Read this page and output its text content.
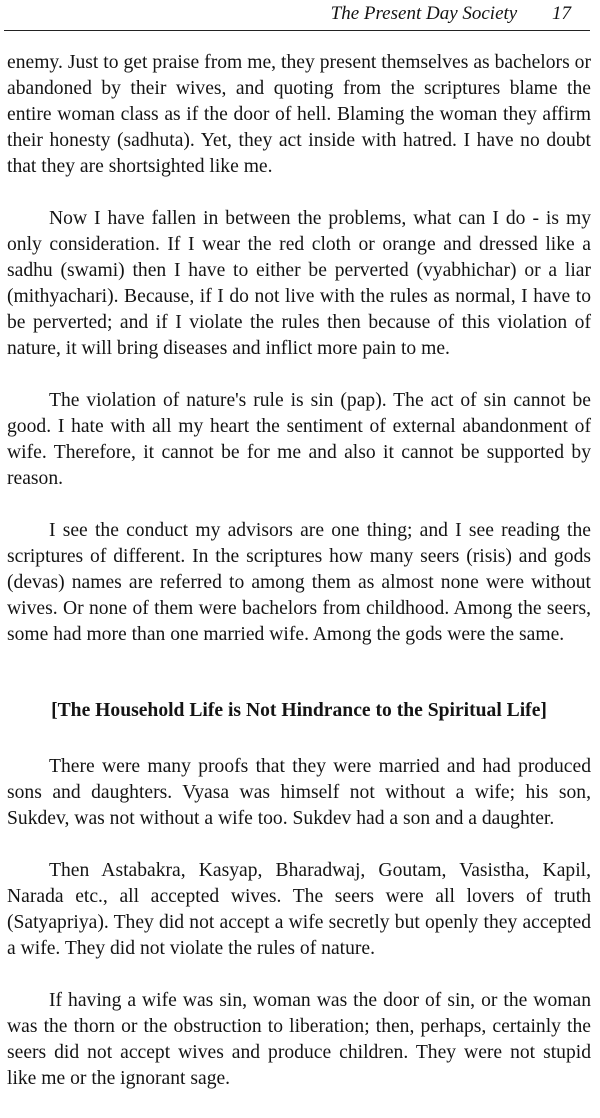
The Present Day Society 17

enemy. Just to get praise from me, they present themselves as bachelors or abandoned by their wives, and quoting from the scriptures blame the entire woman class as if the door of hell. Blaming the woman they affirm their honesty (sadhuta). Yet, they act inside with hatred. I have no doubt that they are shortsighted like me.

Now I have fallen in between the problems, what can I do - is my only consideration. If I wear the red cloth or orange and dressed like a sadhu (swami) then I have to either be perverted (vyabhichar) or a liar (mithyachari). Because, if I do not live with the rules as normal, I have to be perverted; and if I violate the rules then because of this violation of nature, it will bring diseases and inflict more pain to me.

The violation of nature's rule is sin (pap). The act of sin cannot be good. I hate with all my heart the sentiment of external abandonment of wife. Therefore, it cannot be for me and also it cannot be supported by reason.

I see the conduct my advisors are one thing; and I see reading the scriptures of different. In the scriptures how many seers (risis) and gods (devas) names are referred to among them as almost none were without wives. Or none of them were bachelors from childhood. Among the seers, some had more than one married wife. Among the gods were the same.

[The Household Life is Not Hindrance to the Spiritual Life]

There were many proofs that they were married and had produced sons and daughters. Vyasa was himself not without a wife; his son, Sukdev, was not without a wife too. Sukdev had a son and a daughter.

Then Astabakra, Kasyap, Bharadwaj, Goutam, Vasistha, Kapil, Narada etc., all accepted wives. The seers were all lovers of truth (Satyapriya). They did not accept a wife secretly but openly they accepted a wife. They did not violate the rules of nature.

If having a wife was sin, woman was the door of sin, or the woman was the thorn or the obstruction to liberation; then, perhaps, certainly the seers did not accept wives and produce children. They were not stupid like me or the ignorant sage.
